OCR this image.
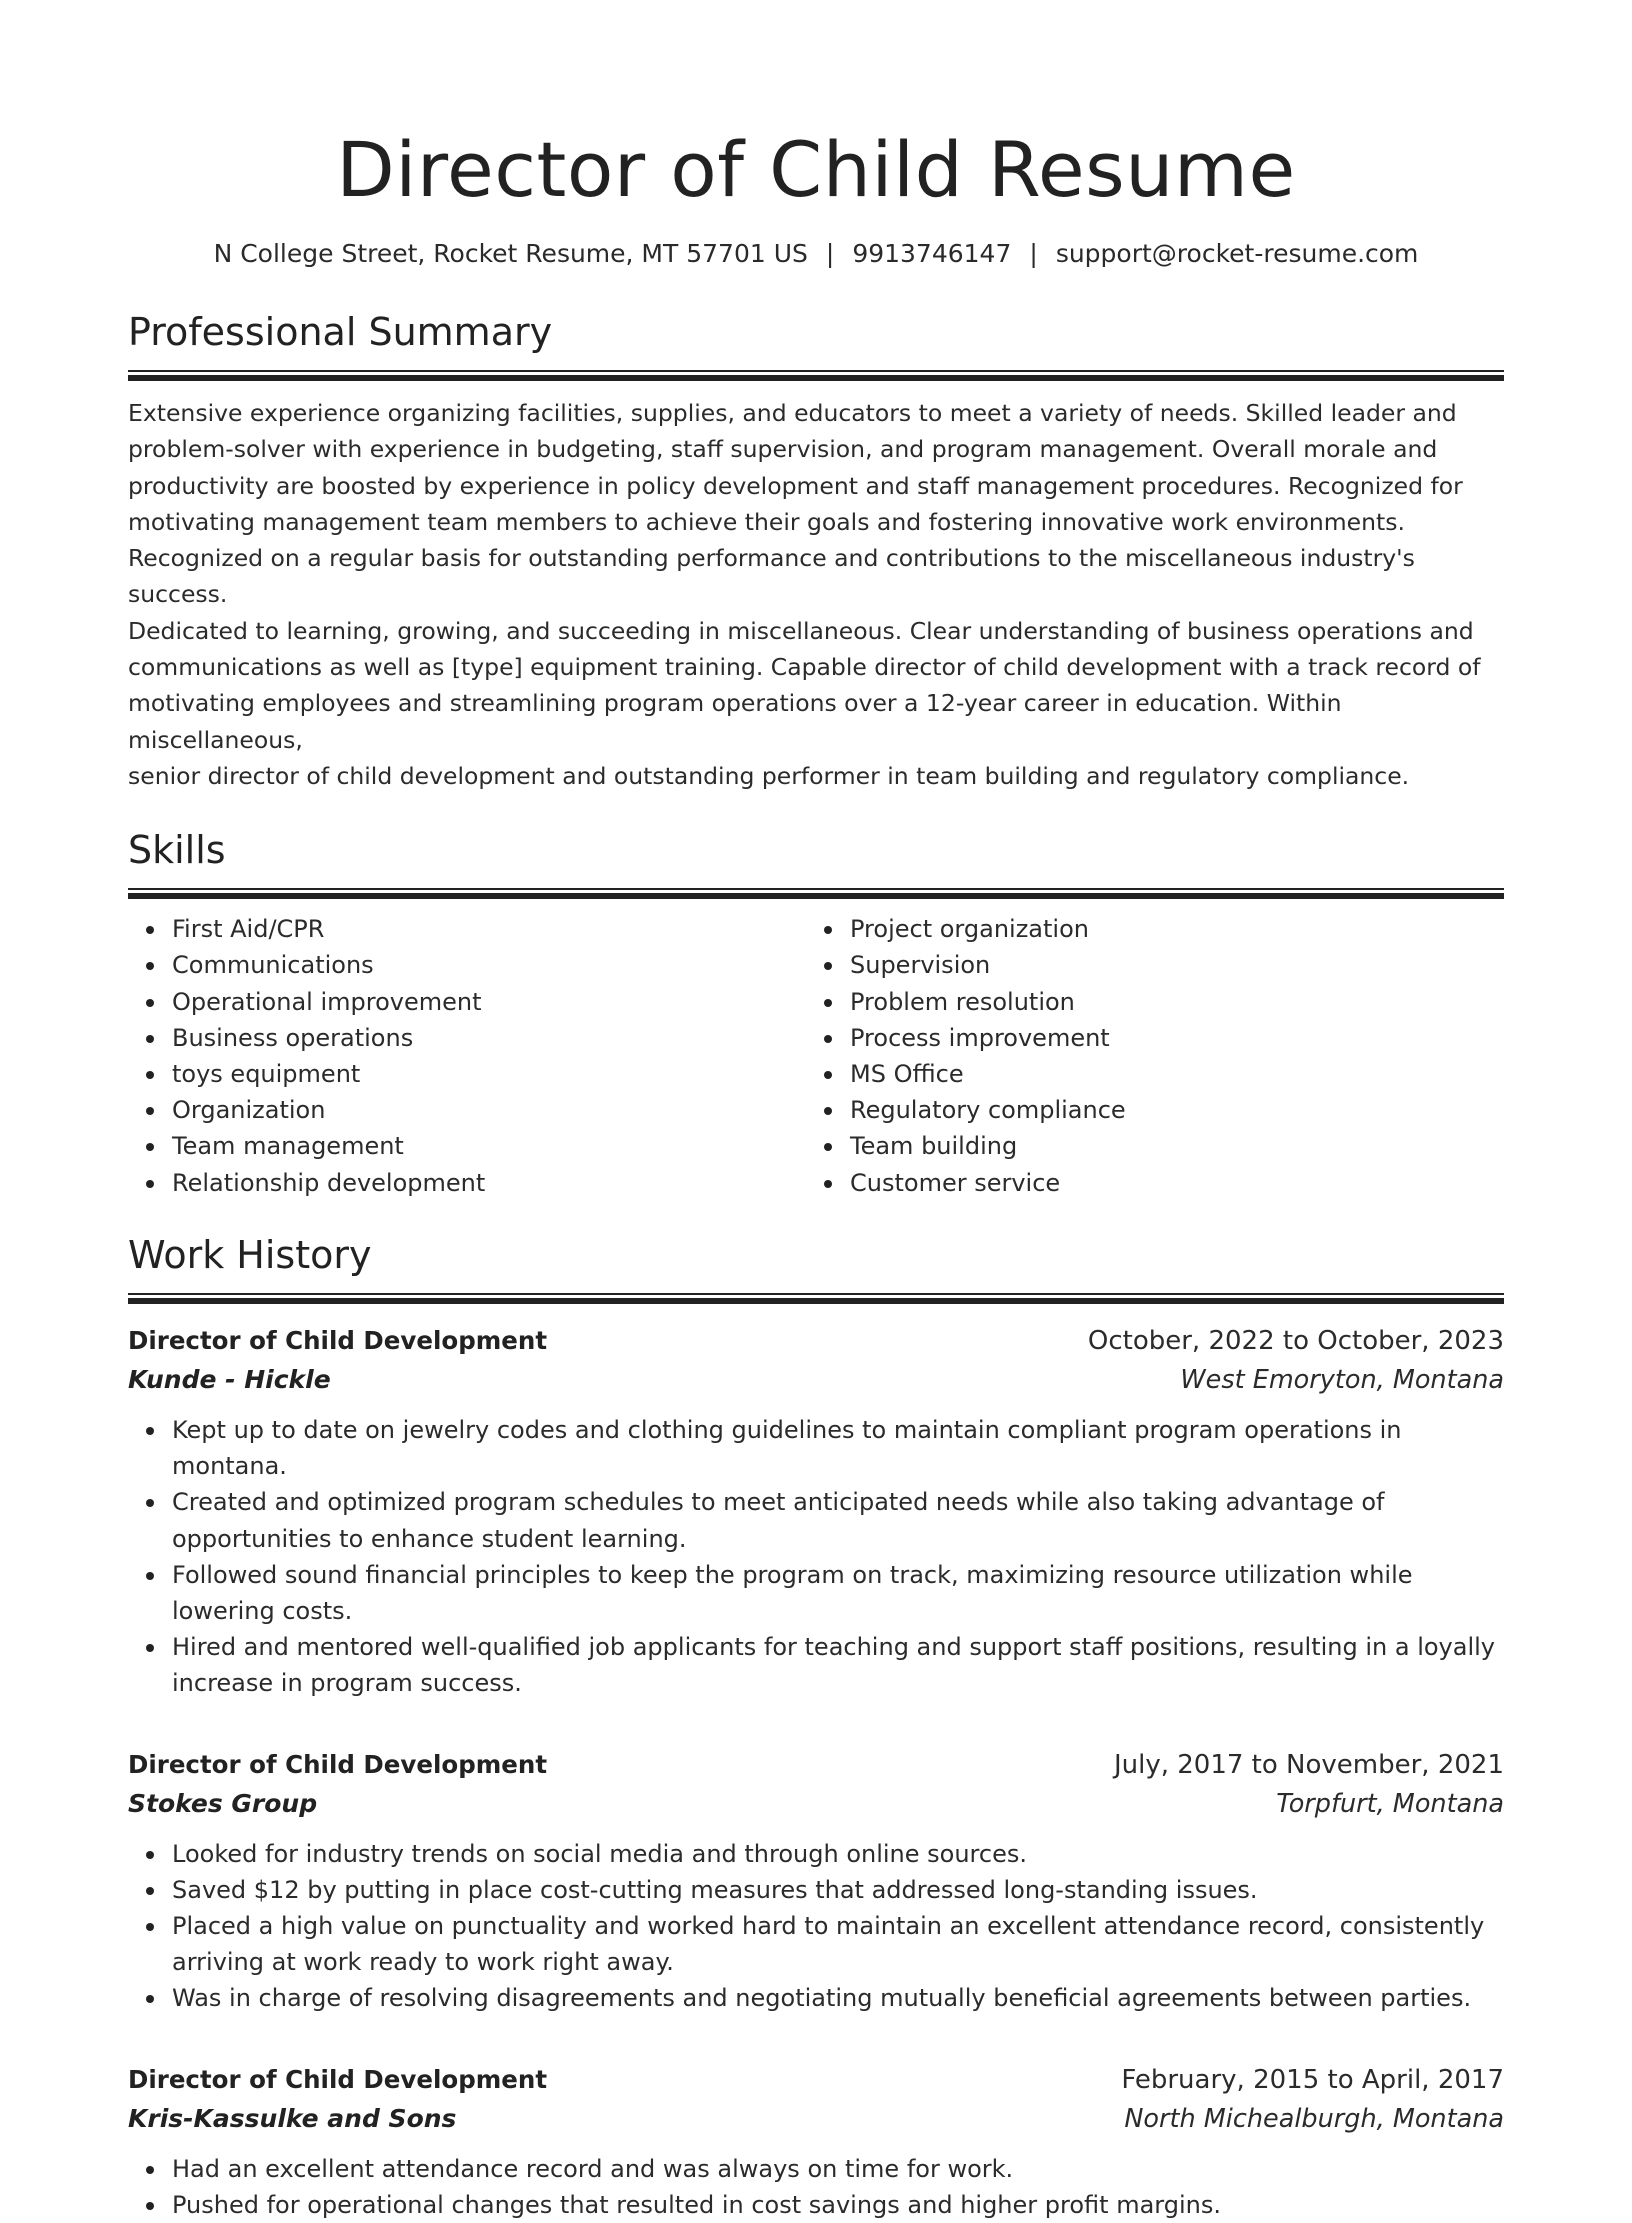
Director of Child Resume
N College Street, Rocket Resume, MT 57701 US | 9913746147 | support@rocket-resume.com
Professional Summary
Extensive experience organizing facilities, supplies, and educators to meet a variety of needs. Skilled leader and
problem-solver with experience in budgeting, staff supervision, and program management. Overall morale and
productivity are boosted by experience in policy development and staff management procedures. Recognized for
motivating management team members to achieve their goals and fostering innovative work environments.
Recognized on a regular basis for outstanding performance and contributions to the miscellaneous industry's success.
Dedicated to learning, growing, and succeeding in miscellaneous. Clear understanding of business operations and
communications as well as [type] equipment training. Capable director of child development with a track record of
motivating employees and streamlining program operations over a 12-year career in education. Within miscellaneous,
senior director of child development and outstanding performer in team building and regulatory compliance.
Skills
First Aid/CPR
Communications
Operational improvement
Business operations
toys equipment
Organization
Team management
Relationship development
Project organization
Supervision
Problem resolution
Process improvement
MS Office
Regulatory compliance
Team building
Customer service
Work History
Director of Child Development	October, 2022 to October, 2023
Kunde - Hickle	West Emoryton, Montana
Kept up to date on jewelry codes and clothing guidelines to maintain compliant program operations in montana.
Created and optimized program schedules to meet anticipated needs while also taking advantage of opportunities to enhance student learning.
Followed sound financial principles to keep the program on track, maximizing resource utilization while lowering costs.
Hired and mentored well-qualified job applicants for teaching and support staff positions, resulting in a loyally increase in program success.
Director of Child Development	July, 2017 to November, 2021
Stokes Group	Torpfurt, Montana
Looked for industry trends on social media and through online sources.
Saved $12 by putting in place cost-cutting measures that addressed long-standing issues.
Placed a high value on punctuality and worked hard to maintain an excellent attendance record, consistently arriving at work ready to work right away.
Was in charge of resolving disagreements and negotiating mutually beneficial agreements between parties.
Director of Child Development	February, 2015 to April, 2017
Kris-Kassulke and Sons	North Michealburgh, Montana
Had an excellent attendance record and was always on time for work.
Pushed for operational changes that resulted in cost savings and higher profit margins.
